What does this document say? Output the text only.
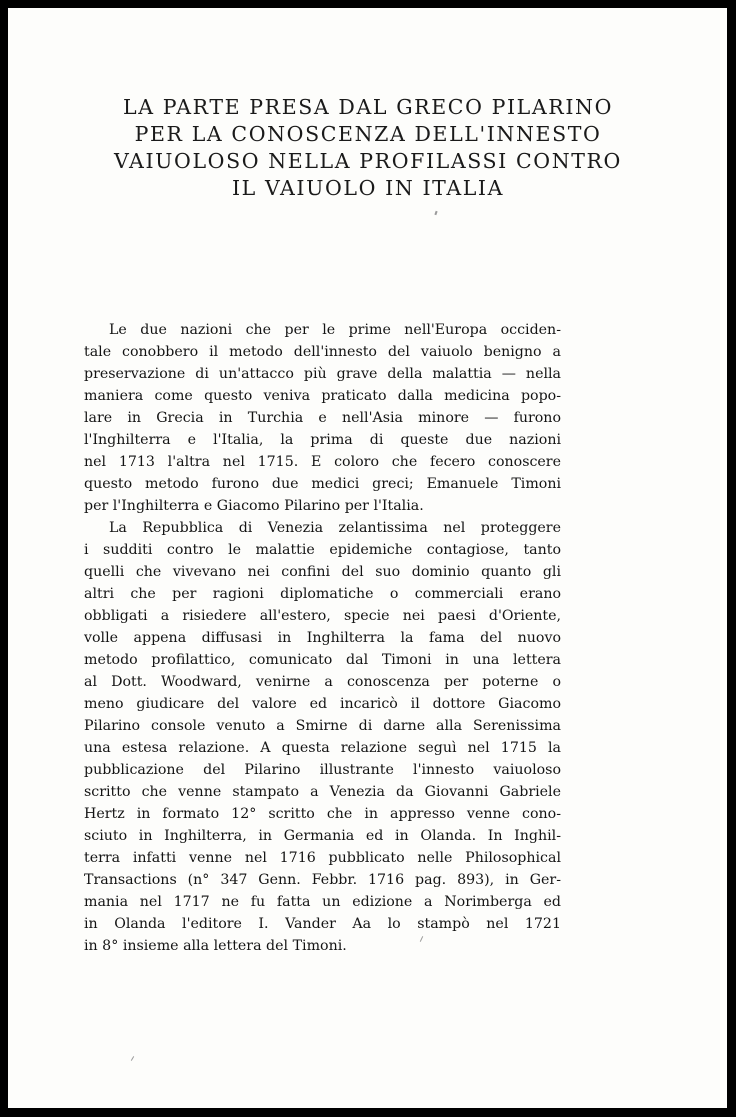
LA PARTE PRESA DAL GRECO PILARINO
PER LA CONOSCENZA DELL'INNESTO
VAIUOLOSO NELLA PROFILASSI CONTRO
IL VAIUOLO IN ITALIA

Le due nazioni che per le prime nell'Europa occiden-
tale conobbero il metodo dell'innesto del vaiuolo benigno a
preservazione di un'attacco più grave della malattia — nella
maniera come questo veniva praticato dalla medicina popo-
lare in Grecia in Turchia e nell'Asia minore — furono
l'Inghilterra e l'Italia, la prima di queste due nazioni
nel 1713 l'altra nel 1715. E coloro che fecero conoscere
questo metodo furono due medici greci; Emanuele Timoni
per l'Inghilterra e Giacomo Pilarino per l'Italia.

La Repubblica di Venezia zelantissima nel proteggere
i sudditi contro le malattie epidemiche contagiose, tanto
quelli che vivevano nei confini del suo dominio quanto gli
altri che per ragioni diplomatiche o commerciali erano
obbligati a risiedere all'estero, specie nei paesi d'Oriente,
volle appena diffusasi in Inghilterra la fama del nuovo
metodo profilattico, comunicato dal Timoni in una lettera
al Dott. Woodward, venirne a conoscenza per poterne o
meno giudicare del valore ed incaricò il dottore Giacomo
Pilarino console venuto a Smirne di darne alla Serenissima
una estesa relazione. A questa relazione seguì nel 1715 la
pubblicazione del Pilarino illustrante l'innesto vaiuoloso
scritto che venne stampato a Venezia da Giovanni Gabriele
Hertz in formato 12° scritto che in appresso venne cono-
sciuto in Inghilterra, in Germania ed in Olanda. In Inghil-
terra infatti venne nel 1716 pubblicato nelle Philosophical
Transactions (n° 347 Genn. Febbr. 1716 pag. 893), in Ger-
mania nel 1717 ne fu fatta un edizione a Norimberga ed
in Olanda l'editore I. Vander Aa lo stampò nel 1721
in 8° insieme alla lettera del Timoni.
